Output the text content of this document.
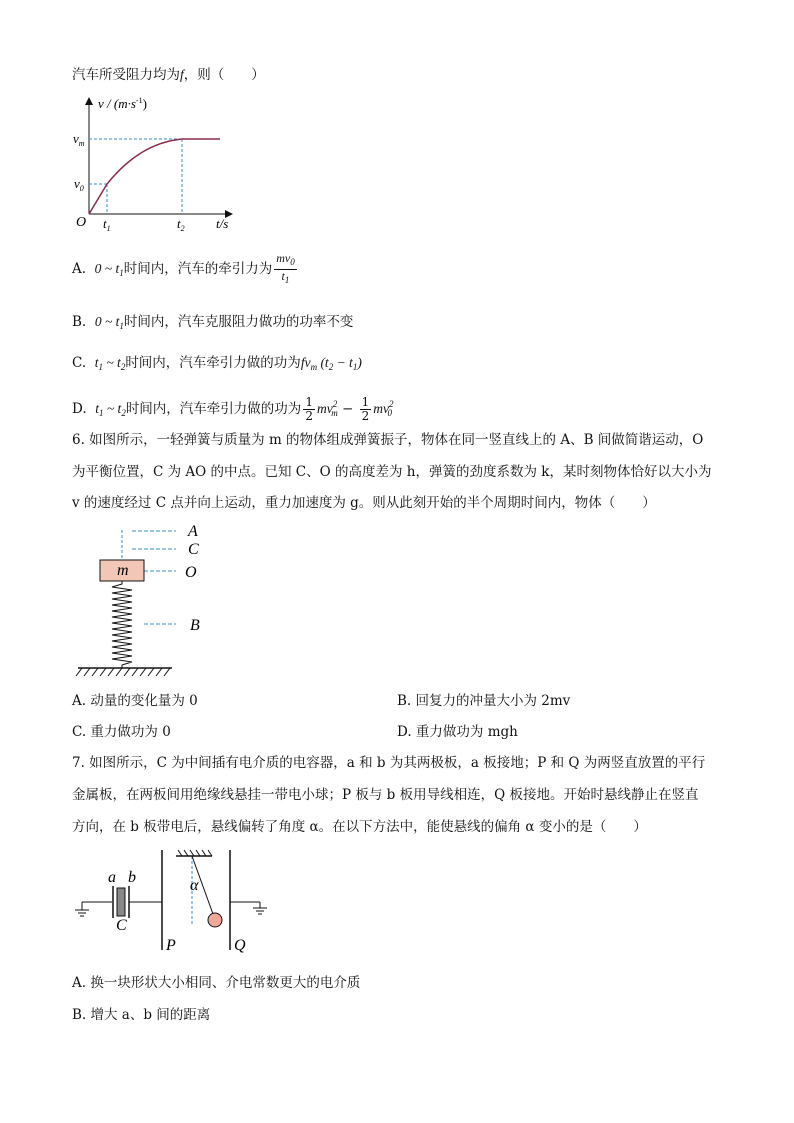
汽车所受阻力均为f，则（　　）
$v / (m\cdot s^{-1})$
$v_m$
$v_0$
O $t_1$	$t_2$ t/s
A. 0 ~ $t_1$时间内，汽车的牵引力为 $\frac{mv_0}{t_1}$
B. 0 ~ $t_1$时间内，汽车克服阻力做功的功率不变
C. $t_1$ ~ $t_2$时间内，汽车牵引力做的功为$fv_m$ $(t_2 - t_1)$
D. $t_1$ ~ $t_2$时间内，汽车牵引力做的功为 $\frac{1}{2} mv^2_m - \frac{1}{2} mv^2_0$
6. 如图所示，一轻弹簧与质量为 m 的物体组成弹簧振子，物体在同一竖直线上的 A、B 间做简谐运动，O
为平衡位置，C 为 AO 的中点。已知 C、O 的高度差为 h，弹簧的劲度系数为 k，某时刻物体恰好以大小为
v 的速度经过 C 点并向上运动，重力加速度为 g。则从此刻开始的半个周期时间内，物体（　　）
m
A
C
O
B
A. 动量的变化量为 0	B. 回复力的冲量大小为 2mv
C. 重力做功为 0	D. 重力做功为 mgh
7. 如图所示，C 为中间插有电介质的电容器，a 和 b 为其两极板，a 板接地；P 和 Q 为两竖直放置的平行
金属板，在两板间用绝缘线悬挂一带电小球；P 板与 b 板用导线相连，Q 板接地。开始时悬线静止在竖直
方向，在 b 板带电后，悬线偏转了角度 α。在以下方法中，能使悬线的偏角 α 变小的是（　　）
a b
C
α
P	Q
A. 换一块形状大小相同、介电常数更大的电介质
B. 增大 a、b 间的距离
